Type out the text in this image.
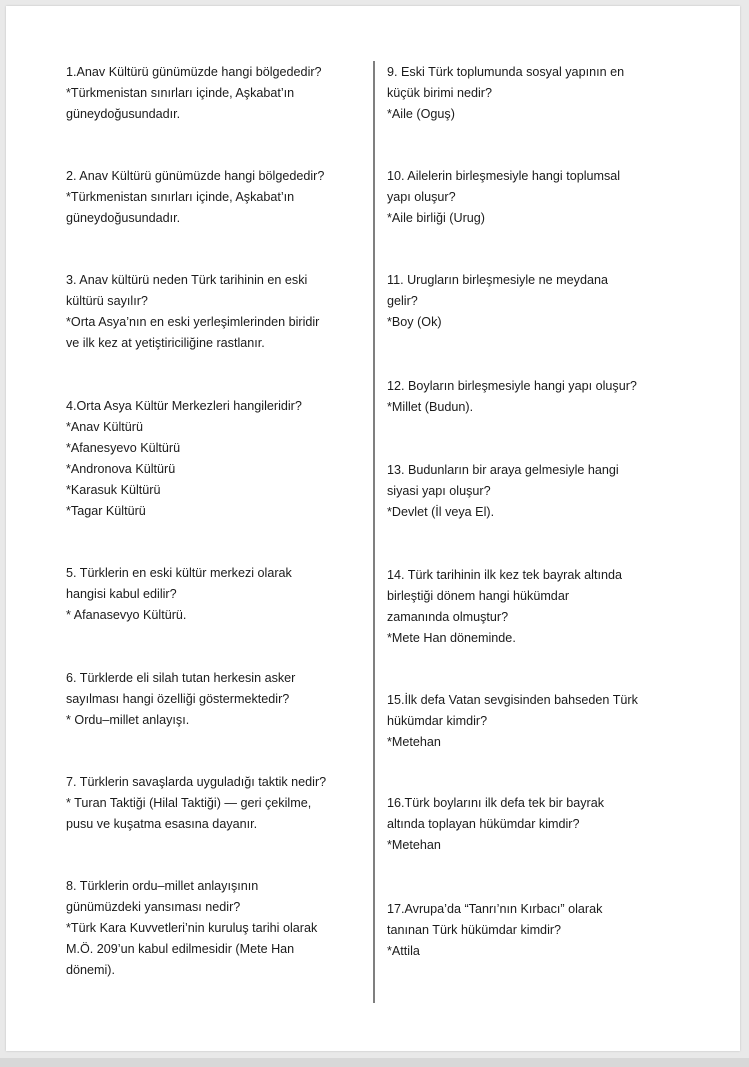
1.Anav Kültürü günümüzde hangi bölgededir?
*Türkmenistan sınırları içinde, Aşkabat’ın
güneydoğusundadır.
2. Anav Kültürü günümüzde hangi bölgededir?
*Türkmenistan sınırları içinde, Aşkabat’ın
güneydoğusundadır.
3. Anav kültürü neden Türk tarihinin en eski
kültürü sayılır?
*Orta Asya’nın en eski yerleşimlerinden biridir
ve ilk kez at yetiştiriciliğine rastlanır.
4.Orta Asya Kültür Merkezleri hangileridir?
*Anav Kültürü
*Afanesyevo Kültürü
*Andronova Kültürü
*Karasuk Kültürü
*Tagar Kültürü
5. Türklerin en eski kültür merkezi olarak
hangisi kabul edilir?
* Afanasevyo Kültürü.
6. Türklerde eli silah tutan herkesin asker
sayılması hangi özelliği göstermektedir?
* Ordu–millet anlayışı.
7. Türklerin savaşlarda uyguladığı taktik nedir?
* Turan Taktiği (Hilal Taktiği) — geri çekilme,
pusu ve kuşatma esasına dayanır.
8. Türklerin ordu–millet anlayışının
günümüzdeki yansıması nedir?
*Türk Kara Kuvvetleri’nin kuruluş tarihi olarak
M.Ö. 209’un kabul edilmesidir (Mete Han
dönemi).
9. Eski Türk toplumunda sosyal yapının en
küçük birimi nedir?
*Aile (Oguş)
10. Ailelerin birleşmesiyle hangi toplumsal
yapı oluşur?
*Aile birliği (Urug)
11. Urugların birleşmesiyle ne meydana
gelir?
*Boy (Ok)
12. Boyların birleşmesiyle hangi yapı oluşur?
*Millet (Budun).
13. Budunların bir araya gelmesiyle hangi
siyasi yapı oluşur?
*Devlet (İl veya El).
14. Türk tarihinin ilk kez tek bayrak altında
birleştiği dönem hangi hükümdar
zamanında olmuştur?
*Mete Han döneminde.
15.İlk defa Vatan sevgisinden bahseden Türk
hükümdar kimdir?
*Metehan
16.Türk boylarını ilk defa tek bir bayrak
altında toplayan hükümdar kimdir?
*Metehan
17.Avrupa’da “Tanrı’nın Kırbacı” olarak
tanınan Türk hükümdar kimdir?
*Attila
